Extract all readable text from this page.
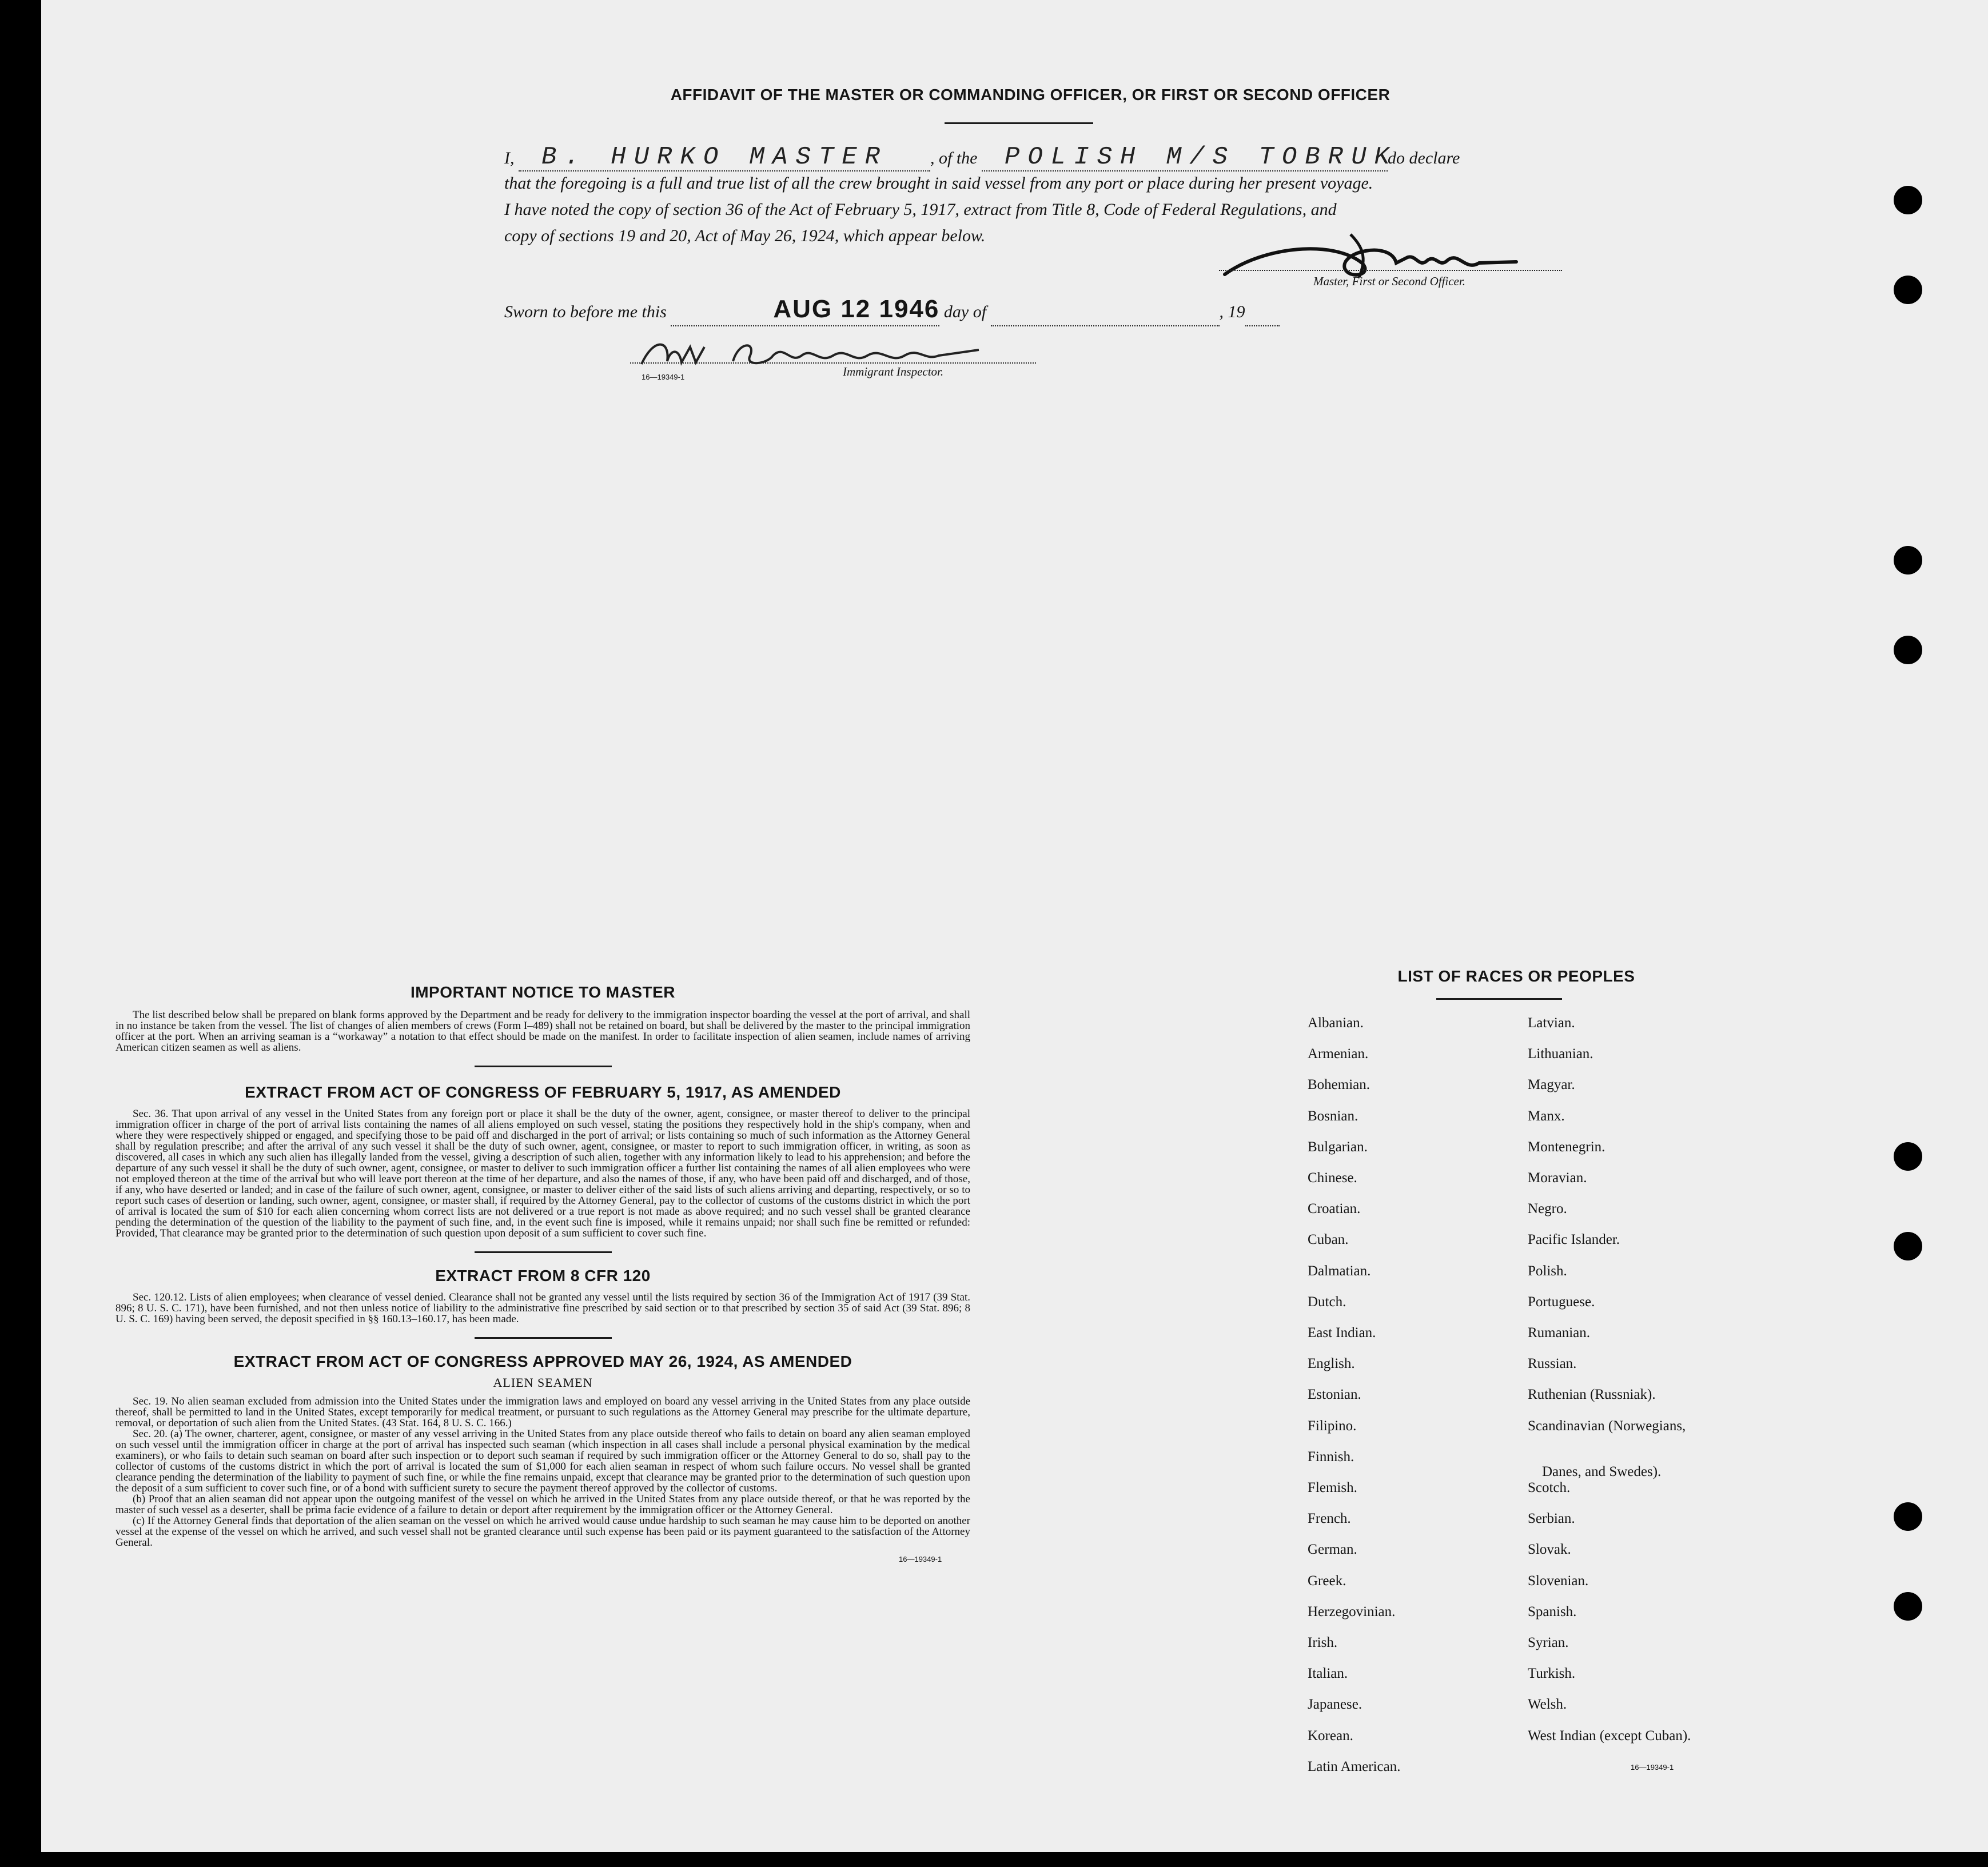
AFFIDAVIT OF THE MASTER OR COMMANDING OFFICER, OR FIRST OR SECOND OFFICER
I, B. HURKO MASTER , of the POLISH M/S TOBRUKdo declare
that the foregoing is a full and true list of all the crew brought in said vessel from any port or place during her present voyage.
I have noted the copy of section 36 of the Act of February 5, 1917, extract from Title 8, Code of Federal Regulations, and
copy of sections 19 and 20, Act of May 26, 1924, which appear below.
Master, First or Second Officer.
Sworn to before me this	AUG 12 1946 day of	, 19
16—19349-1	Immigrant Inspector.
IMPORTANT NOTICE TO MASTER

The list described below shall be prepared on blank forms approved by the Department and be ready for delivery to the immigration inspector boarding the vessel at the port of arrival, and shall in no instance be taken from the vessel. The list of changes of alien members of crews (Form I–489) shall not be retained on board, but shall be delivered by the master to the principal immigration officer at the port. When an arriving seaman is a “workaway” a notation to that effect should be made on the manifest. In order to facilitate inspection of alien seamen, include names of arriving American citizen seamen as well as aliens.

EXTRACT FROM ACT OF CONGRESS OF FEBRUARY 5, 1917, AS AMENDED

Sec. 36. That upon arrival of any vessel in the United States from any foreign port or place it shall be the duty of the owner, agent, consignee, or master thereof to deliver to the principal immigration officer in charge of the port of arrival lists containing the names of all aliens employed on such vessel, stating the positions they respectively hold in the ship's company, when and where they were respectively shipped or engaged, and specifying those to be paid off and discharged in the port of arrival; or lists containing so much of such information as the Attorney General shall by regulation prescribe; and after the arrival of any such vessel it shall be the duty of such owner, agent, consignee, or master to report to such immigration officer, in writing, as soon as discovered, all cases in which any such alien has illegally landed from the vessel, giving a description of such alien, together with any information likely to lead to his apprehension; and before the departure of any such vessel it shall be the duty of such owner, agent, consignee, or master to deliver to such immigration officer a further list containing the names of all alien employees who were not employed thereon at the time of the arrival but who will leave port thereon at the time of her departure, and also the names of those, if any, who have been paid off and discharged, and of those, if any, who have deserted or landed; and in case of the failure of such owner, agent, consignee, or master to deliver either of the said lists of such aliens arriving and departing, respectively, or so to report such cases of desertion or landing, such owner, agent, consignee, or master shall, if required by the Attorney General, pay to the collector of customs of the customs district in which the port of arrival is located the sum of $10 for each alien concerning whom correct lists are not delivered or a true report is not made as above required; and no such vessel shall be granted clearance pending the determination of the question of the liability to the payment of such fine, and, in the event such fine is imposed, while it remains unpaid; nor shall such fine be remitted or refunded: Provided, That clearance may be granted prior to the determination of such question upon deposit of a sum sufficient to cover such fine.

EXTRACT FROM 8 CFR 120

Sec. 120.12. Lists of alien employees; when clearance of vessel denied. Clearance shall not be granted any vessel until the lists required by section 36 of the Immigration Act of 1917 (39 Stat. 896; 8 U. S. C. 171), have been furnished, and not then unless notice of liability to the administrative fine prescribed by said section or to that prescribed by section 35 of said Act (39 Stat. 896; 8 U. S. C. 169) having been served, the deposit specified in §§ 160.13–160.17, has been made.

EXTRACT FROM ACT OF CONGRESS APPROVED MAY 26, 1924, AS AMENDED
ALIEN SEAMEN

Sec. 19. No alien seaman excluded from admission into the United States under the immigration laws and employed on board any vessel arriving in the United States from any place outside thereof, shall be permitted to land in the United States, except temporarily for medical treatment, or pursuant to such regulations as the Attorney General may prescribe for the ultimate departure, removal, or deportation of such alien from the United States. (43 Stat. 164, 8 U. S. C. 166.)

Sec. 20. (a) The owner, charterer, agent, consignee, or master of any vessel arriving in the United States from any place outside thereof who fails to detain on board any alien seaman employed on such vessel until the immigration officer in charge at the port of arrival has inspected such seaman (which inspection in all cases shall include a personal physical examination by the medical examiners), or who fails to detain such seaman on board after such inspection or to deport such seaman if required by such immigration officer or the Attorney General to do so, shall pay to the collector of customs of the customs district in which the port of arrival is located the sum of $1,000 for each alien seaman in respect of whom such failure occurs. No vessel shall be granted clearance pending the determination of the liability to payment of such fine, or while the fine remains unpaid, except that clearance may be granted prior to the determination of such question upon the deposit of a sum sufficient to cover such fine, or of a bond with sufficient surety to secure the payment thereof approved by the collector of customs.

(b) Proof that an alien seaman did not appear upon the outgoing manifest of the vessel on which he arrived in the United States from any place outside thereof, or that he was reported by the master of such vessel as a deserter, shall be prima facie evidence of a failure to detain or deport after requirement by the immigration officer or the Attorney General.

(c) If the Attorney General finds that deportation of the alien seaman on the vessel on which he arrived would cause undue hardship to such seaman he may cause him to be deported on another vessel at the expense of the vessel on which he arrived, and such vessel shall not be granted clearance until such expense has been paid or its payment guaranteed to the satisfaction of the Attorney General.

16—19349-1
LIST OF RACES OR PEOPLES
16—19349-1
Albanian.
Armenian.
Bohemian.
Bosnian.
Bulgarian.
Chinese.
Croatian.
Cuban.
Dalmatian.
Dutch.
East Indian.
English.
Estonian.
Filipino.
Finnish.
Flemish.
French.
German.
Greek.
Herzegovinian.
Irish.
Italian.
Japanese.
Korean.
Latin American.
Latvian.
Lithuanian.
Magyar.
Manx.
Montenegrin.
Moravian.
Negro.
Pacific Islander.
Polish.
Portuguese.
Rumanian.
Russian.
Ruthenian (Russniak).
Scandinavian (Norwegians,
Danes, and Swedes).
Scotch.
Serbian.
Slovak.
Slovenian.
Spanish.
Syrian.
Turkish.
Welsh.
West Indian (except Cuban).
